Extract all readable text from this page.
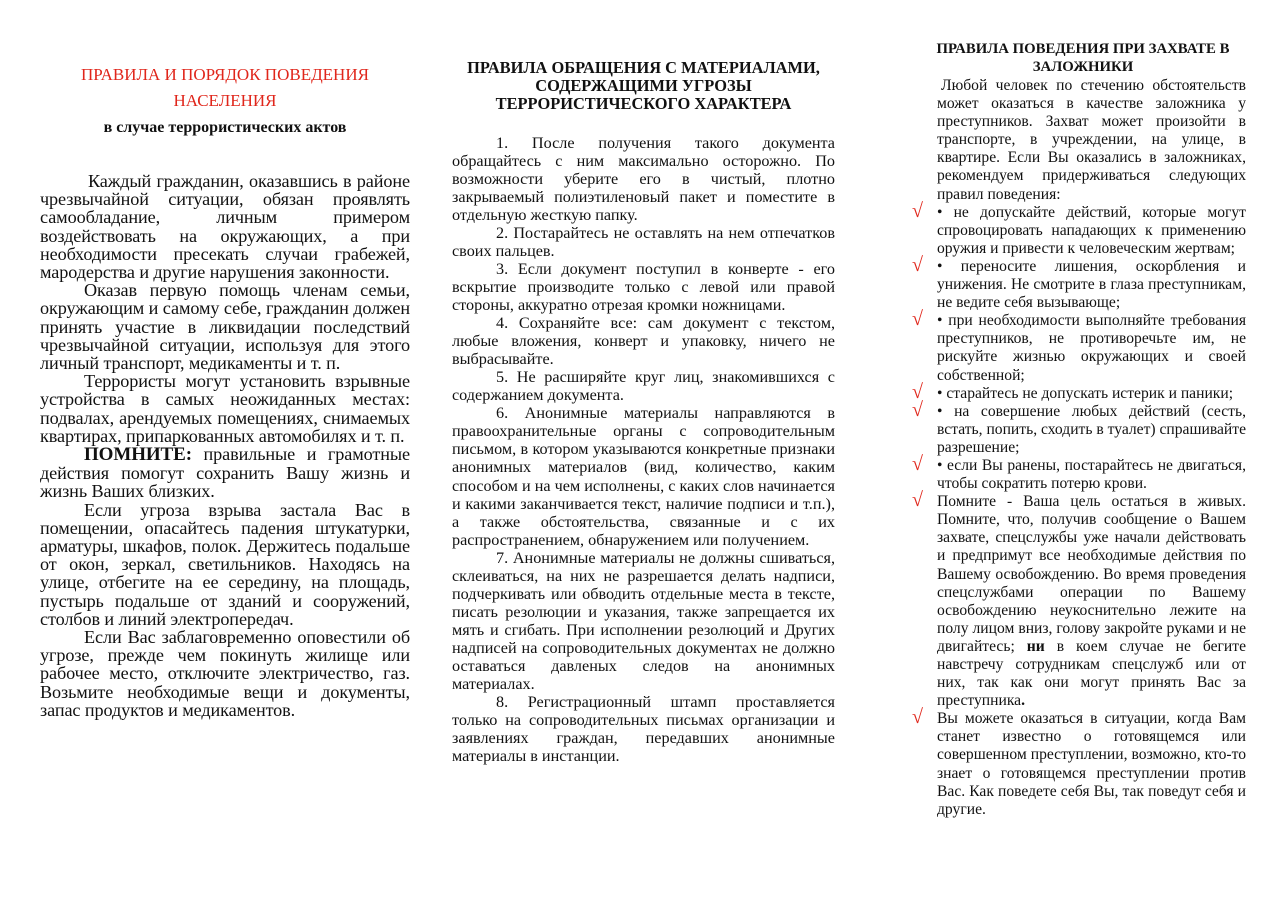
ПРАВИЛА И ПОРЯДОК ПОВЕДЕНИЯ НАСЕЛЕНИЯ

в случае террористических актов

Каждый гражданин, оказавшись в районе чрезвычайной ситуации, обязан проявлять самообладание, личным примером воздействовать на окружающих, а при необходимости пресекать случаи грабежей, мародерства и другие нарушения законности.

Оказав первую помощь членам семьи, окружающим и самому себе, гражданин должен принять участие в ликвидации последствий чрезвычайной ситуации, используя для этого личный транспорт, медикаменты и т. п.

Террористы могут установить взрывные устройства в самых неожиданных местах: подвалах, арендуемых помещениях, снимаемых квартирах, припаркованных автомобилях и т. п.

ПОМНИТЕ: правильные и грамотные действия помогут сохранить Вашу жизнь и жизнь Ваших близких.

Если угроза взрыва застала Вас в помещении, опасайтесь падения штукатурки, арматуры, шкафов, полок. Держитесь подальше от окон, зеркал, светильников. Находясь на улице, отбегите на ее середину, на площадь, пустырь подальше от зданий и сооружений, столбов и линий электропередач.

Если Вас заблаговременно оповестили об угрозе, прежде чем покинуть жилище или рабочее место, отключите электричество, газ. Возьмите необходимые вещи и документы, запас продуктов и медикаментов.

ПРАВИЛА ОБРАЩЕНИЯ С МАТЕРИАЛАМИ, СОДЕРЖАЩИМИ УГРОЗЫ ТЕРРОРИСТИЧЕСКОГО ХАРАКТЕРА

1. После получения такого документа обращайтесь с ним максимально осторожно. По возможности уберите его в чистый, плотно закрываемый полиэтиленовый пакет и поместите в отдельную жесткую папку.

2. Постарайтесь не оставлять на нем отпечатков своих пальцев.

3. Если документ поступил в конверте - его вскрытие производите только с левой или правой стороны, аккуратно отрезая кромки ножницами.

4. Сохраняйте все: сам документ с текстом, любые вложения, конверт и упаковку, ничего не выбрасывайте.

5. Не расширяйте круг лиц, знакомившихся с содержанием документа.

6. Анонимные материалы направляются в правоохранительные органы с сопроводительным письмом, в котором указываются конкретные признаки анонимных материалов (вид, количество, каким способом и на чем исполнены, с каких слов начинается и какими заканчивается текст, наличие подписи и т.п.), а также обстоятельства, связанные и с их распространением, обнаружением или получением.

7. Анонимные материалы не должны сшиваться, склеиваться, на них не разрешается делать надписи, подчеркивать или обводить отдельные места в тексте, писать резолюции и указания, также запрещается их мять и сгибать. При исполнении резолюций и Других надписей на сопроводительных документах не должно оставаться давленых следов на анонимных материалах.

8. Регистрационный штамп проставляется только на сопроводительных письмах организации и заявлениях граждан, передавших анонимные материалы в инстанции.

ПРАВИЛА ПОВЕДЕНИЯ ПРИ ЗАХВАТЕ В ЗАЛОЖНИКИ

Любой человек по стечению обстоятельств может оказаться в качестве заложника у преступников. Захват может произойти в транспорте, в учреждении, на улице, в квартире. Если Вы оказались в заложниках, рекомендуем придерживаться следующих правил поведения:

√ • не допускайте действий, которые могут спровоцировать нападающих к применению оружия и привести к человеческим жертвам;
√ • переносите лишения, оскорбления и унижения. Не смотрите в глаза преступникам, не ведите себя вызывающе;
√ • при необходимости выполняйте требования преступников, не противоречьте им, не рискуйте жизнью окружающих и своей собственной;
√ • старайтесь не допускать истерик и паники;
√ • на совершение любых действий (сесть, встать, попить, сходить в туалет) спрашивайте разрешение;
√ • если Вы ранены, постарайтесь не двигаться, чтобы сократить потерю крови.
√ Помните - Ваша цель остаться в живых. Помните, что, получив сообщение о Вашем захвате, спецслужбы уже начали действовать и предпримут все необходимые действия по Вашему освобождению. Во время проведения спецслужбами операции по Вашему освобождению неукоснительно лежите на полу лицом вниз, голову закройте руками и не двигайтесь; ни в коем случае не бегите навстречу сотрудникам спецслужб или от них, так как они могут принять Вас за преступника.
√ Вы можете оказаться в ситуации, когда Вам станет известно о готовящемся или совершенном преступлении, возможно, кто-то знает о готовящемся преступлении против Вас. Как поведете себя Вы, так поведут себя и другие.
